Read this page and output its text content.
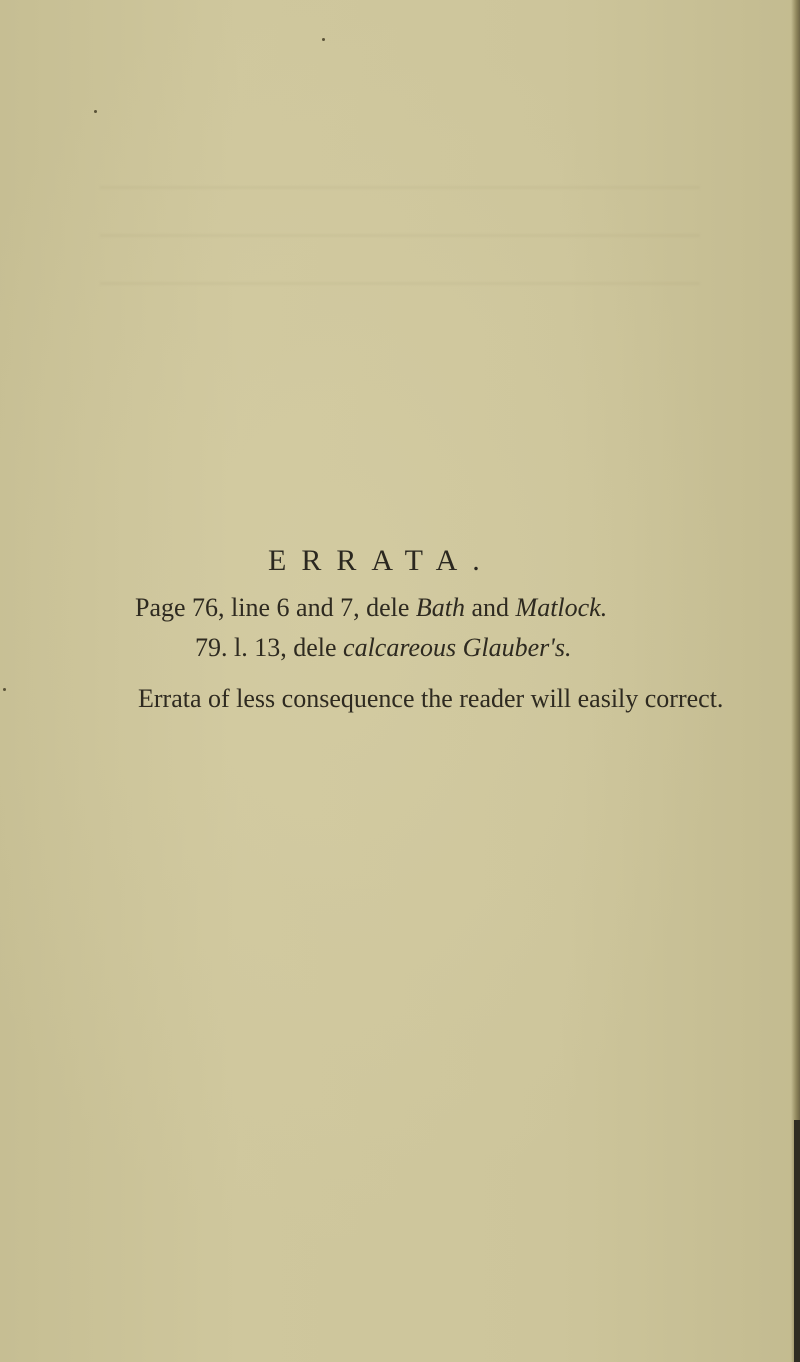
ERRATA.
Page 76, line 6 and 7, dele Bath and Matlock.
79. l. 13, dele calcareous Glauber's.
Errata of less consequence the reader will easily correct.
